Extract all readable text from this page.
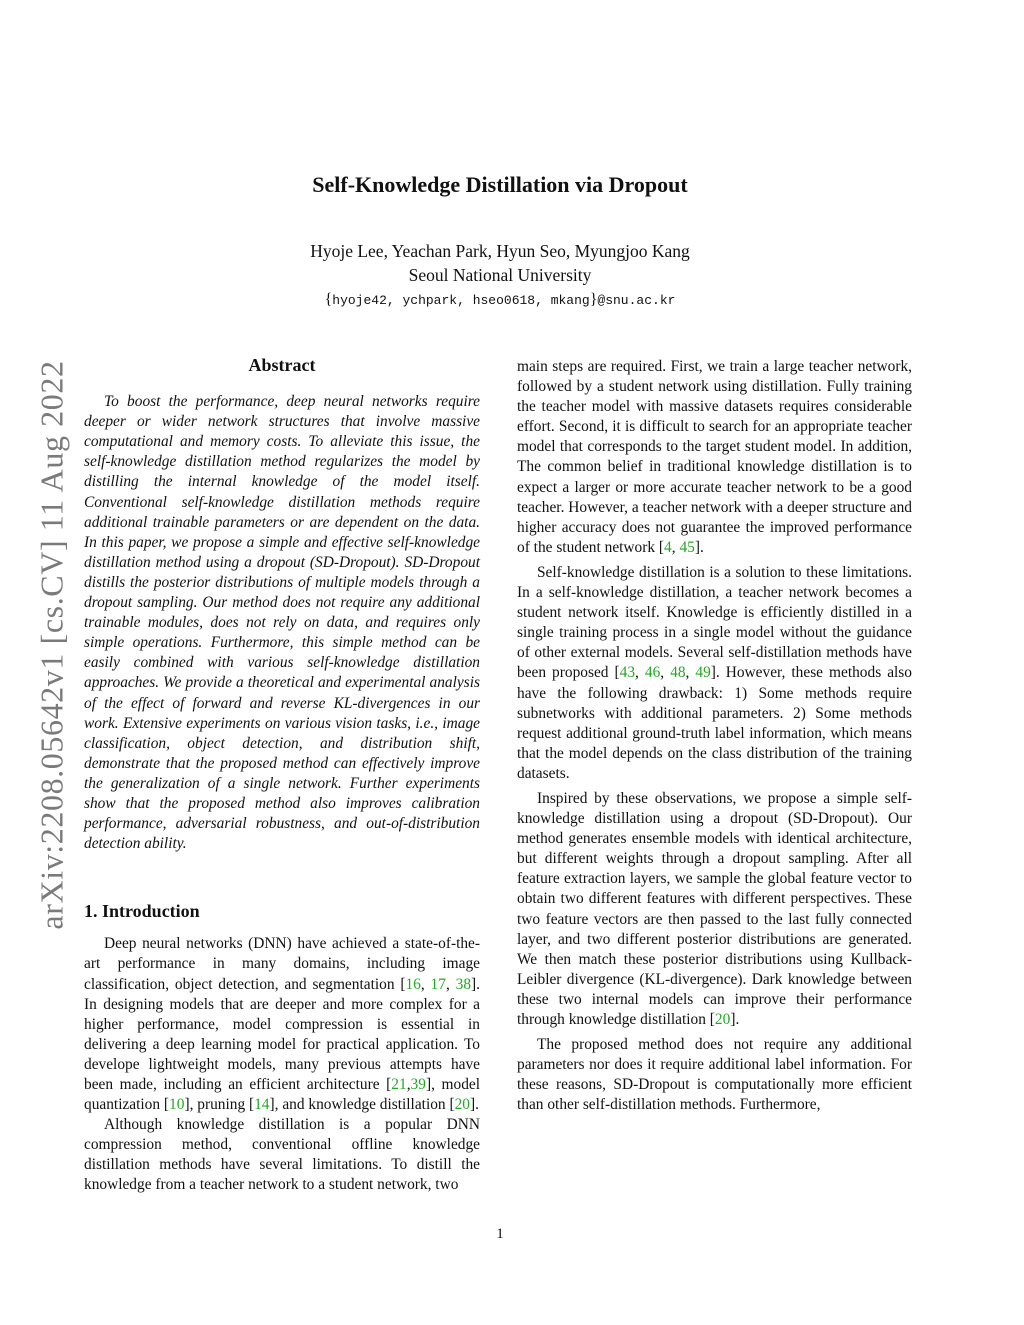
Self-Knowledge Distillation via Dropout
Hyoje Lee, Yeachan Park, Hyun Seo, Myungjoo Kang
Seoul National University
{hyoje42, ychpark, hseo0618, mkang}@snu.ac.kr
arXiv:2208.05642v1 [cs.CV] 11 Aug 2022	Abstract

To boost the performance, deep neural networks require deeper or wider network structures that involve massive computational and memory costs. To alleviate this issue, the self-knowledge distillation method regularizes the model by distilling the internal knowledge of the model itself. Conventional self-knowledge distillation methods require additional trainable parameters or are dependent on the data. In this paper, we propose a simple and effective self-knowledge distillation method using a dropout (SD-Dropout). SD-Dropout distills the posterior distributions of multiple models through a dropout sampling. Our method does not require any additional trainable modules, does not rely on data, and requires only simple operations. Furthermore, this simple method can be easily combined with various self-knowledge distillation approaches. We provide a theoretical and experimental analysis of the effect of forward and reverse KL-divergences in our work. Extensive experiments on various vision tasks, i.e., image classification, object detection, and distribution shift, demonstrate that the proposed method can effectively improve the generalization of a single network. Further experiments show that the proposed method also improves calibration performance, adversarial robustness, and out-of-distribution detection ability.

1. Introduction

Deep neural networks (DNN) have achieved a state-of-the-art performance in many domains, including image classification, object detection, and segmentation [16, 17, 38]. In designing models that are deeper and more complex for a higher performance, model compression is essential in delivering a deep learning model for practical application. To develope lightweight models, many previous attempts have been made, including an efficient architecture [21,39], model quantization [10], pruning [14], and knowledge distillation [20].

Although knowledge distillation is a popular DNN compression method, conventional offline knowledge distillation methods have several limitations. To distill the knowledge from a teacher network to a student network, two

main steps are required. First, we train a large teacher network, followed by a student network using distillation. Fully training the teacher model with massive datasets requires considerable effort. Second, it is difficult to search for an appropriate teacher model that corresponds to the target student model. In addition, The common belief in traditional knowledge distillation is to expect a larger or more accurate teacher network to be a good teacher. However, a teacher network with a deeper structure and higher accuracy does not guarantee the improved performance of the student network [4, 45].

Self-knowledge distillation is a solution to these limitations. In a self-knowledge distillation, a teacher network becomes a student network itself. Knowledge is efficiently distilled in a single training process in a single model without the guidance of other external models. Several self-distillation methods have been proposed [43, 46, 48, 49]. However, these methods also have the following drawback: 1) Some methods require subnetworks with additional parameters. 2) Some methods request additional ground-truth label information, which means that the model depends on the class distribution of the training datasets.

Inspired by these observations, we propose a simple self-knowledge distillation using a dropout (SD-Dropout). Our method generates ensemble models with identical architecture, but different weights through a dropout sampling. After all feature extraction layers, we sample the global feature vector to obtain two different features with different perspectives. These two feature vectors are then passed to the last fully connected layer, and two different posterior distributions are generated. We then match these posterior distributions using Kullback-Leibler divergence (KL-divergence). Dark knowledge between these two internal models can improve their performance through knowledge distillation [20].

The proposed method does not require any additional parameters nor does it require additional label information. For these reasons, SD-Dropout is computationally more efficient than other self-distillation methods. Furthermore,

1
